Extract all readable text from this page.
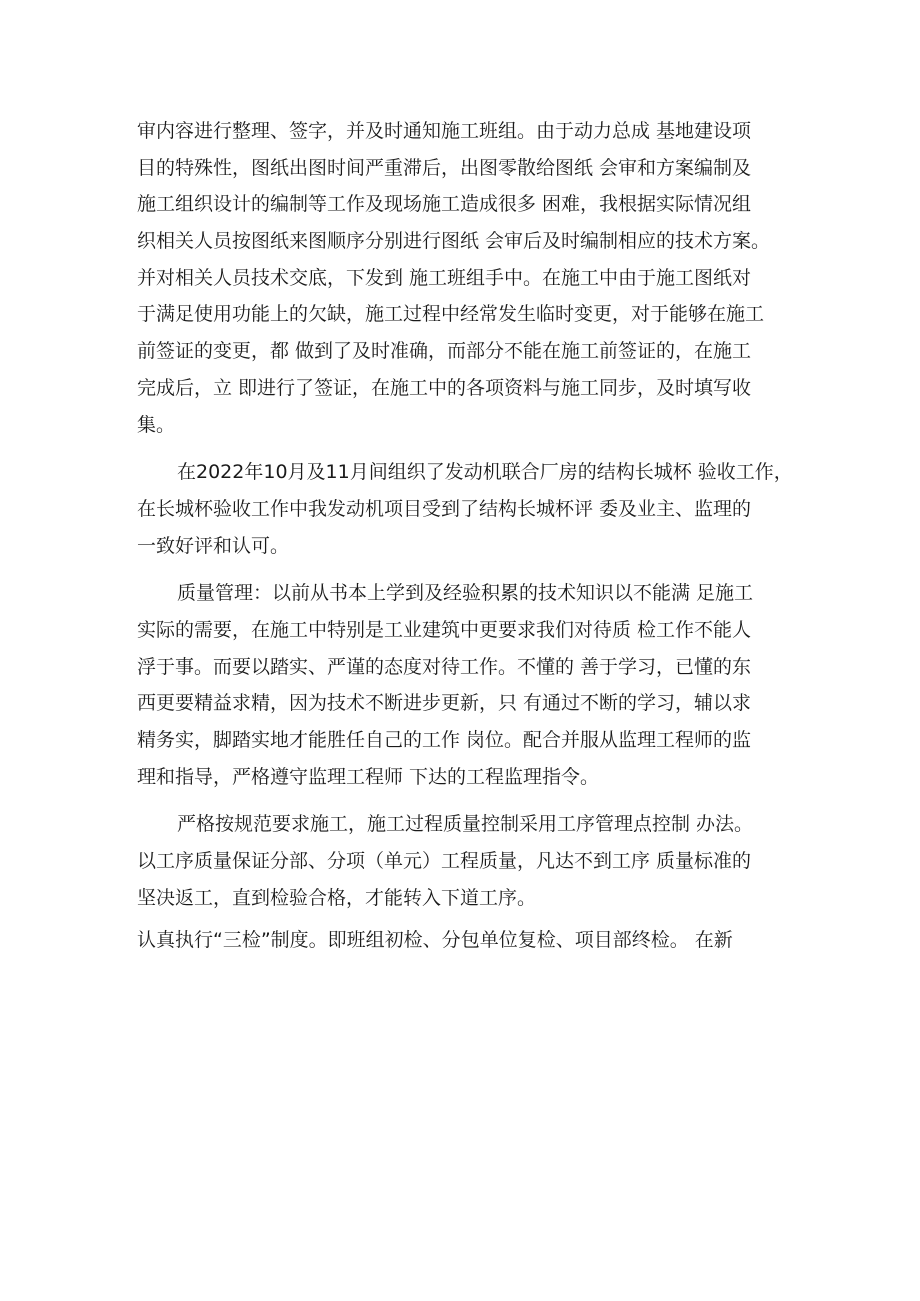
审内容进行整理、签字，并及时通知施工班组。由于动力总成 基地建设项
目的特殊性，图纸出图时间严重滞后，出图零散给图纸 会审和方案编制及
施工组织设计的编制等工作及现场施工造成很多 困难，我根据实际情况组
织相关人员按图纸来图顺序分别进行图纸 会审后及时编制相应的技术方案。
并对相关人员技术交底，下发到 施工班组手中。在施工中由于施工图纸对
于满足使用功能上的欠缺，施工过程中经常发生临时变更，对于能够在施工
前签证的变更，都 做到了及时准确，而部分不能在施工前签证的，在施工
完成后，立 即进行了签证，在施工中的各项资料与施工同步，及时填写收
集。
在2022年10月及11月间组织了发动机联合厂房的结构长城杯 验收工作，
在长城杯验收工作中我发动机项目受到了结构长城杯评 委及业主、监理的
一致好评和认可。
质量管理：以前从书本上学到及经验积累的技术知识以不能满 足施工
实际的需要，在施工中特别是工业建筑中更要求我们对待质 检工作不能人
浮于事。而要以踏实、严谨的态度对待工作。不懂的 善于学习，已懂的东
西更要精益求精，因为技术不断进步更新，只 有通过不断的学习，辅以求
精务实，脚踏实地才能胜任自己的工作 岗位。配合并服从监理工程师的监
理和指导，严格遵守监理工程师 下达的工程监理指令。
严格按规范要求施工，施工过程质量控制采用工序管理点控制 办法。
以工序质量保证分部、分项（单元）工程质量，凡达不到工序 质量标准的
坚决返工，直到检验合格，才能转入下道工序。
认真执行“三检”制度。即班组初检、分包单位复检、项目部终检。 在新
